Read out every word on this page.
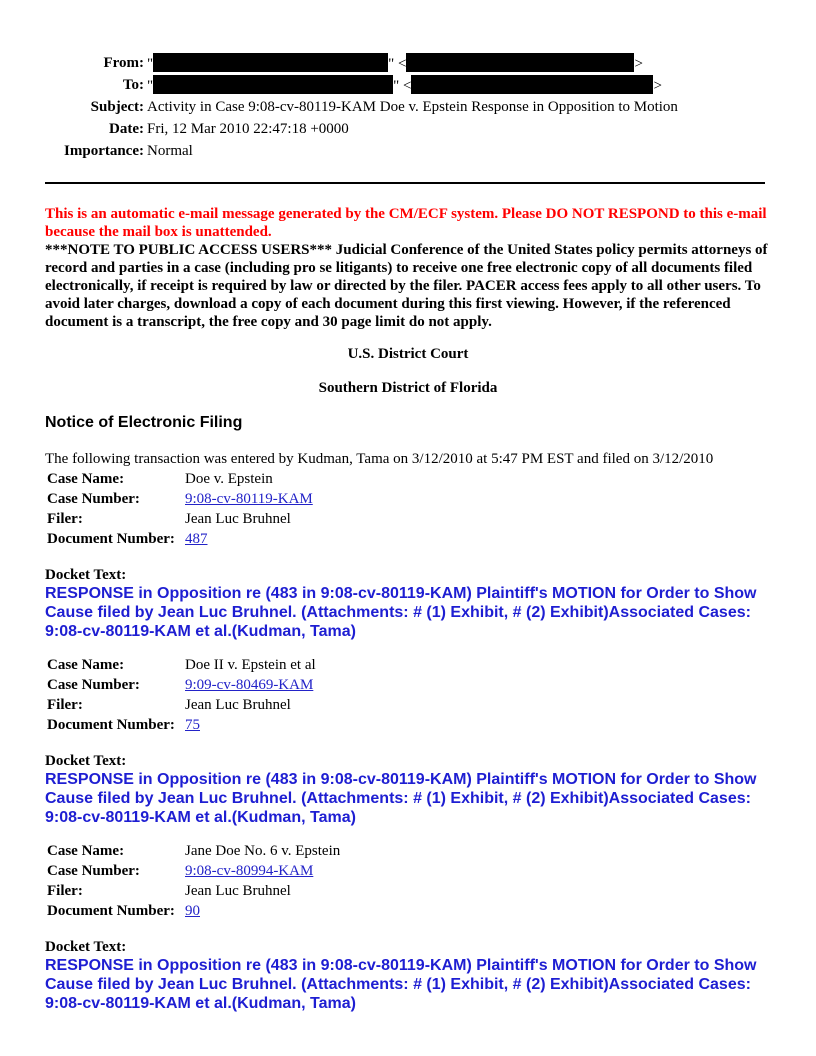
From: "	" <	>
To: "	" <	>
Subject: Activity in Case 9:08-cv-80119-KAM Doe v. Epstein Response in Opposition to Motion
Date: Fri, 12 Mar 2010 22:47:18 +0000
Importance: Normal
This is an automatic e-mail message generated by the CM/ECF system. Please DO NOT RESPOND to this e-mail because the mail box is unattended.
***NOTE TO PUBLIC ACCESS USERS*** Judicial Conference of the United States policy permits attorneys of record and parties in a case (including pro se litigants) to receive one free electronic copy of all documents filed electronically, if receipt is required by law or directed by the filer. PACER access fees apply to all other users. To avoid later charges, download a copy of each document during this first viewing. However, if the referenced document is a transcript, the free copy and 30 page limit do not apply.
U.S. District Court
Southern District of Florida
Notice of Electronic Filing
The following transaction was entered by Kudman, Tama on 3/12/2010 at 5:47 PM EST and filed on 3/12/2010
Case Name:	Doe v. Epstein
Case Number:	9:08-cv-80119-KAM
Filer:	Jean Luc Bruhnel
Document Number: 487
Docket Text:
RESPONSE in Opposition re (483 in 9:08-cv-80119-KAM) Plaintiff's MOTION for Order to Show Cause filed by Jean Luc Bruhnel. (Attachments: # (1) Exhibit, # (2) Exhibit)Associated Cases: 9:08-cv-80119-KAM et al.(Kudman, Tama)
Case Name:	Doe II v. Epstein et al
Case Number:	9:09-cv-80469-KAM
Filer:	Jean Luc Bruhnel
Document Number: 75
Docket Text:
RESPONSE in Opposition re (483 in 9:08-cv-80119-KAM) Plaintiff's MOTION for Order to Show Cause filed by Jean Luc Bruhnel. (Attachments: # (1) Exhibit, # (2) Exhibit)Associated Cases: 9:08-cv-80119-KAM et al.(Kudman, Tama)
Case Name:	Jane Doe No. 6 v. Epstein
Case Number:	9:08-cv-80994-KAM
Filer:	Jean Luc Bruhnel
Document Number: 90
Docket Text:
RESPONSE in Opposition re (483 in 9:08-cv-80119-KAM) Plaintiff's MOTION for Order to Show Cause filed by Jean Luc Bruhnel. (Attachments: # (1) Exhibit, # (2) Exhibit)Associated Cases: 9:08-cv-80119-KAM et al.(Kudman, Tama)
